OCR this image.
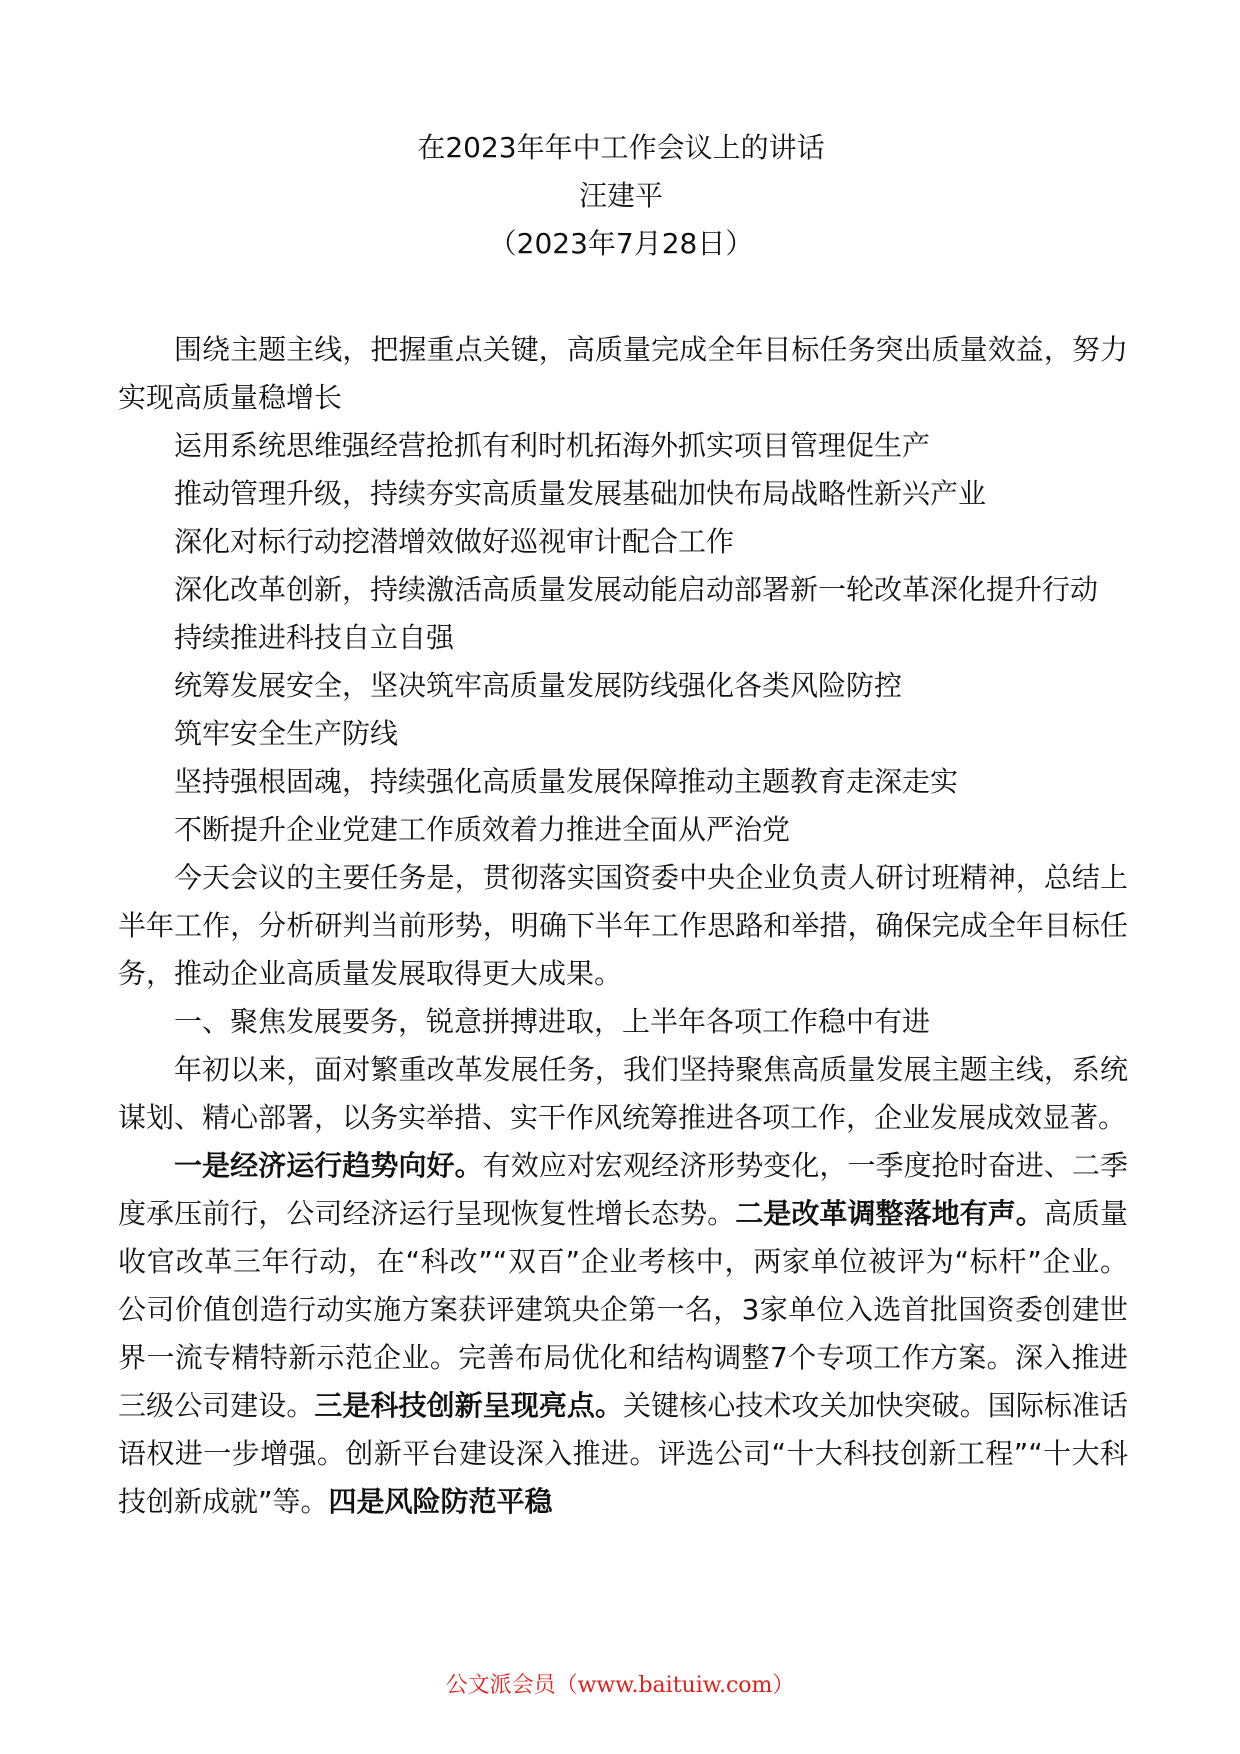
在2023年年中工作会议上的讲话
汪建平
（2023年7月28日）

围绕主题主线，把握重点关键，高质量完成全年目标任务突出质量效益，努力实现高质量稳增长

运用系统思维强经营抢抓有利时机拓海外抓实项目管理促生产

推动管理升级，持续夯实高质量发展基础加快布局战略性新兴产业

深化对标行动挖潜增效做好巡视审计配合工作

深化改革创新，持续激活高质量发展动能启动部署新一轮改革深化提升行动

持续推进科技自立自强

统筹发展安全，坚决筑牢高质量发展防线强化各类风险防控

筑牢安全生产防线

坚持强根固魂，持续强化高质量发展保障推动主题教育走深走实

不断提升企业党建工作质效着力推进全面从严治党

今天会议的主要任务是，贯彻落实国资委中央企业负责人研讨班精神，总结上半年工作，分析研判当前形势，明确下半年工作思路和举措，确保完成全年目标任务，推动企业高质量发展取得更大成果。

一、聚焦发展要务，锐意拼搏进取，上半年各项工作稳中有进

年初以来，面对繁重改革发展任务，我们坚持聚焦高质量发展主题主线，系统谋划、精心部署，以务实举措、实干作风统筹推进各项工作，企业发展成效显著。

一是经济运行趋势向好。有效应对宏观经济形势变化，一季度抢时奋进、二季度承压前行，公司经济运行呈现恢复性增长态势。二是改革调整落地有声。高质量收官改革三年行动，在“科改”“双百”企业考核中，两家单位被评为“标杆”企业。公司价值创造行动实施方案获评建筑央企第一名，3家单位入选首批国资委创建世界一流专精特新示范企业。完善布局优化和结构调整7个专项工作方案。深入推进三级公司建设。三是科技创新呈现亮点。关键核心技术攻关加快突破。国际标准话语权进一步增强。创新平台建设深入推进。评选公司“十大科技创新工程”“十大科技创新成就”等。四是风险防范平稳

公文派会员（www.baituiw.com）
